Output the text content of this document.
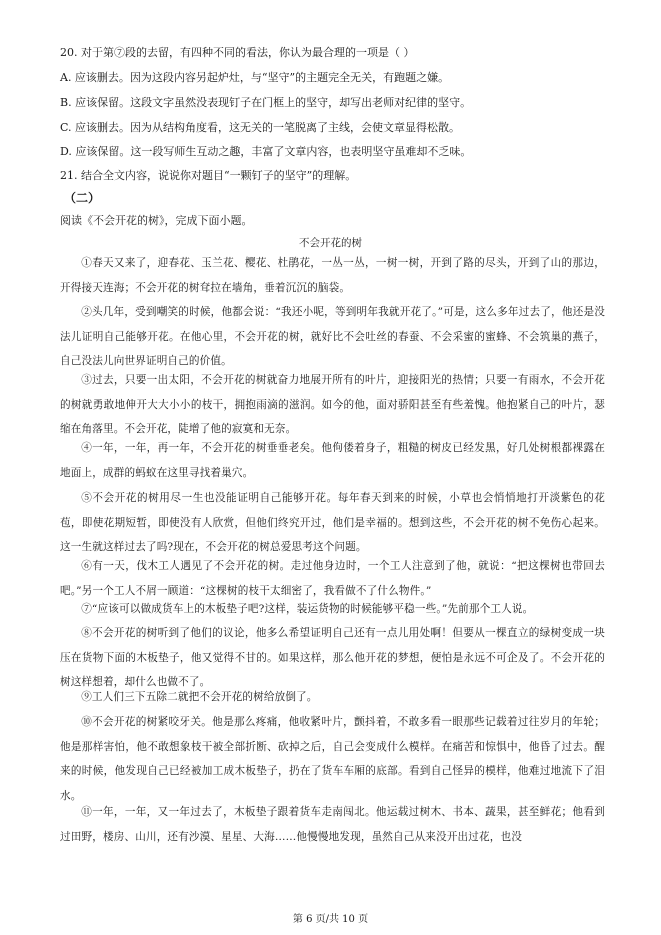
20. 对于第⑦段的去留，有四种不同的看法，你认为最合理的一项是（ ）
A. 应该删去。因为这段内容另起炉灶，与“坚守”的主题完全无关，有跑题之嫌。
B. 应该保留。这段文字虽然没表现钉子在门框上的坚守，却写出老师对纪律的坚守。
C. 应该删去。因为从结构角度看，这无关的一笔脱离了主线，会使文章显得松散。
D. 应该保留。这一段写师生互动之趣，丰富了文章内容，也表明坚守虽难却不乏味。
21. 结合全文内容，说说你对题目“一颗钉子的坚守”的理解。
（二）
阅读《不会开花的树》，完成下面小题。
不会开花的树
①春天又来了，迎春花、玉兰花、樱花、杜鹃花，一丛一丛，一树一树，开到了路的尽头，开到了山的那边，开得接天连海；不会开花的树耷拉在墙角，垂着沉沉的脑袋。
②头几年，受到嘲笑的时候，他都会说：“我还小呢，等到明年我就开花了。”可是，这么多年过去了，他还是没法儿证明自己能够开花。在他心里，不会开花的树，就好比不会吐丝的春蚕、不会采蜜的蜜蜂、不会筑巢的燕子，自己没法儿向世界证明自己的价值。
③过去，只要一出太阳，不会开花的树就奋力地展开所有的叶片，迎接阳光的热情；只要一有雨水，不会开花的树就勇敢地伸开大大小小的枝干，拥抱雨滴的滋润。如今的他，面对骄阳甚至有些羞愧。他抱紧自己的叶片，瑟缩在角落里。不会开花，陡增了他的寂寞和无奈。
④一年，一年，再一年，不会开花的树垂垂老矣。他佝偻着身子，粗糙的树皮已经发黑，好几处树根都裸露在地面上，成群的蚂蚁在这里寻找着巢穴。
⑤不会开花的树用尽一生也没能证明自己能够开花。每年春天到来的时候，小草也会悄悄地打开淡紫色的花苞，即使花期短暂，即使没有人欣赏，但他们终究开过，他们是幸福的。想到这些，不会开花的树不免伤心起来。这一生就这样过去了吗?现在，不会开花的树总爱思考这个问题。
⑥有一天，伐木工人遇见了不会开花的树。走过他身边时，一个工人注意到了他，就说：“把这棵树也带回去吧。”另一个工人不屑一顾道：“这棵树的枝干太细密了，我看做不了什么物件。”
⑦“应该可以做成货车上的木板垫子吧?这样，装运货物的时候能够平稳一些。”先前那个工人说。
⑧不会开花的树听到了他们的议论，他多么希望证明自己还有一点儿用处啊！但要从一棵直立的绿树变成一块压在货物下面的木板垫子，他又觉得不甘的。如果这样，那么他开花的梦想，便怕是永远不可企及了。不会开花的树这样想着，却什么也做不了。
⑨工人们三下五除二就把不会开花的树给放倒了。
⑩不会开花的树紧咬牙关。他是那么疼痛，他收紧叶片，颤抖着，不敢多看一眼那些记载着过往岁月的年轮；他是那样害怕，他不敢想象枝干被全部折断、砍掉之后，自己会变成什么模样。在痛苦和惊惧中，他昏了过去。醒来的时候，他发现自己已经被加工成木板垫子，扔在了货车车厢的底部。看到自己怪异的模样，他难过地流下了泪水。
⑪一年，一年，又一年过去了，木板垫子跟着货车走南闯北。他运载过树木、书本、蔬果，甚至鲜花；他看到过田野，楼房、山川，还有沙漠、星星、大海……他慢慢地发现，虽然自己从来没开出过花，也没
第 6 页/共 10 页
